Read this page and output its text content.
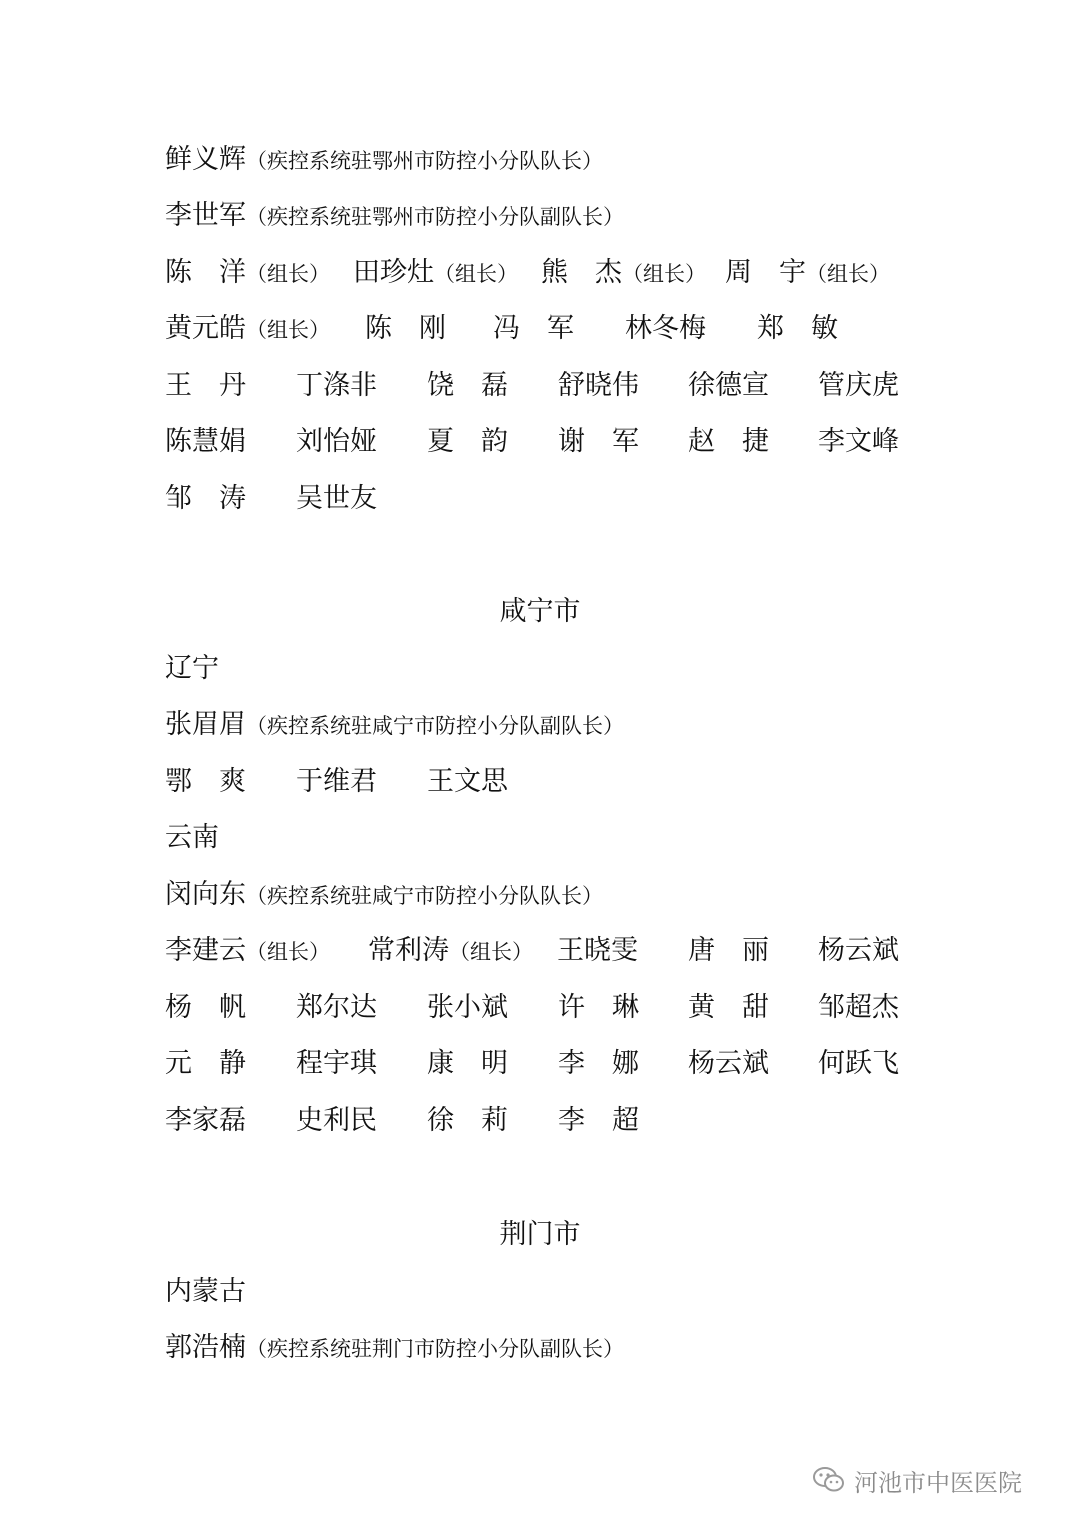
鲜义辉（疾控系统驻鄂州市防控小分队队长）
李世军（疾控系统驻鄂州市防控小分队副队长）
陈　洋（组长） 田珍灶（组长） 熊　杰（组长） 周　宇（组长）
黄元皓（组长） 陈　刚 冯　军 林冬梅 郑　敏
王　丹 丁涤非 饶　磊 舒晓伟 徐德宣 管庆虎
陈慧娟 刘怡娅 夏　韵 谢　军 赵　捷 李文峰
邹　涛 吴世友
咸宁市
辽宁
张眉眉（疾控系统驻咸宁市防控小分队副队长）
鄂　爽 于维君 王文思
云南
闵向东（疾控系统驻咸宁市防控小分队队长）
李建云（组长） 常利涛（组长） 王晓雯 唐　丽 杨云斌
杨　帆 郑尔达 张小斌 许　琳 黄　甜 邹超杰
元　静 程宇琪 康　明 李　娜 杨云斌 何跃飞
李家磊 史利民 徐　莉 李　超
荆门市
内蒙古
郭浩楠（疾控系统驻荆门市防控小分队副队长）
河池市中医医院
